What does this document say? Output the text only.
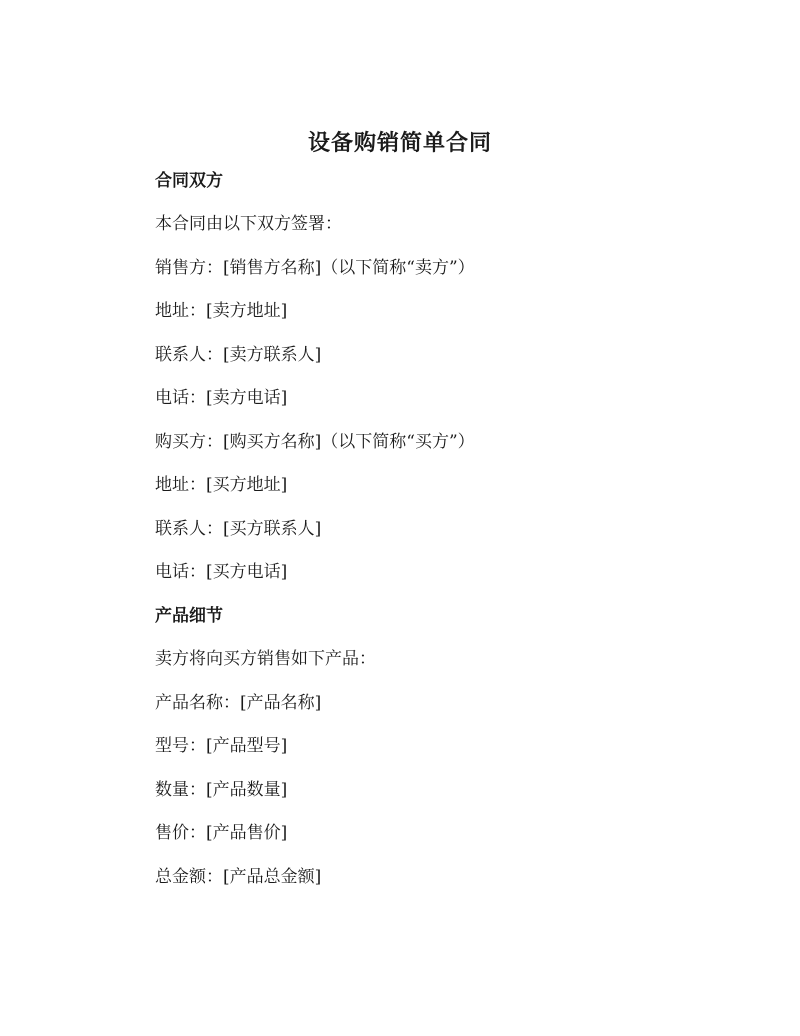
设备购销简单合同
合同双方
本合同由以下双方签署：
销售方：[销售方名称]（以下简称“卖方”）
地址：[卖方地址]
联系人：[卖方联系人]
电话：[卖方电话]
购买方：[购买方名称]（以下简称“买方”）
地址：[买方地址]
联系人：[买方联系人]
电话：[买方电话]
产品细节
卖方将向买方销售如下产品：
产品名称：[产品名称]
型号：[产品型号]
数量：[产品数量]
售价：[产品售价]
总金额：[产品总金额]
